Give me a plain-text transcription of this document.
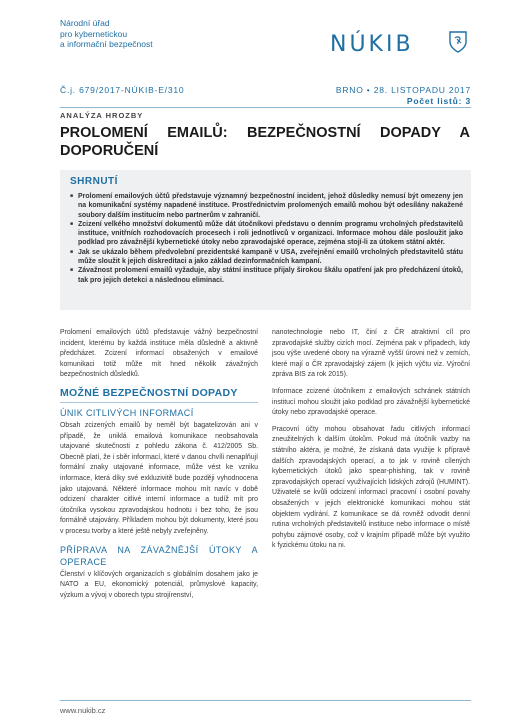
Národní úřad
pro kybernetickou
a informační bezpečnost	NÚKIB
Č.j. 679/2017-NÚKIB-E/310	BRNO • 28. LISTOPADU 2017
Počet listů: 3
ANALÝZA HROZBY
PROLOMENÍ EMAILŮ: BEZPEČNOSTNÍ DOPADY A
DOPORUČENÍ
SHRNUTÍ
■ Prolomení emailových účtů představuje významný bezpečnostní incident, jehož důsledky nemusí být omezeny jen na komunikační systémy napadené instituce. Prostřednictvím prolomených emailů mohou být odesílány nakažené soubory dalším institucím nebo partnerům v zahraničí.
■ Zcizení velkého množství dokumentů může dát útočníkovi představu o denním programu vrcholných představitelů instituce, vnitřních rozhodovacích procesech i roli jednotlivců v organizaci. Informace mohou dále posloužit jako podklad pro závažnější kybernetické útoky nebo zpravodajské operace, zejména stojí-li za útokem státní aktér.
■ Jak se ukázalo během předvolební prezidentské kampaně v USA, zveřejnění emailů vrcholných představitelů státu může sloužit k jejich diskreditaci a jako základ dezinformačních kampaní.
■ Závažnost prolomení emailů vyžaduje, aby státní instituce přijaly širokou škálu opatření jak pro předcházení útoků, tak pro jejich detekci a následnou eliminaci.

Prolomení emailových účtů představuje vážný bezpečnostní incident, kterému by každá instituce měla důsledně a aktivně předcházet. Zcizení informací obsažených v emailové komunikaci totiž může mít hned několik závažných bezpečnostních důsledků.

MOŽNÉ BEZPEČNOSTNÍ DOPADY
ÚNIK CITLIVÝCH INFORMACÍ

Obsah zcizených emailů by neměl být bagatelizován ani v případě, že uniklá emailová komunikace neobsahovala utajované skutečnosti z pohledu zákona č. 412/2005 Sb. Obecně platí, že i sběr informací, které v danou chvíli nenaplňují formální znaky utajované informace, může vést ke vzniku informace, která díky své exkluzivitě bude později vyhodnocena jako utajovaná. Některé informace mohou mít navíc v době odcizení charakter citlivé interní informace a tudíž mít pro útočníka vysokou zpravodajskou hodnotu i bez toho, že jsou formálně utajovány. Příkladem mohou být dokumenty, které jsou v procesu tvorby a které ještě nebyly zveřejněny.

PŘÍPRAVA NA ZÁVAŽNĚJŠÍ ÚTOKY A OPERACE

Členství v klíčových organizacích s globálním dosahem jako je NATO a EU, ekonomický potenciál, průmyslové kapacity, výzkum a vývoj v oborech typu strojírenství,

nanotechnologie nebo IT, činí z ČR atraktivní cíl pro zpravodajské služby cizích mocí. Zejména pak v případech, kdy jsou výše uvedené obory na výrazně vyšší úrovni než v zemích, které mají o ČR zpravodajský zájem (k jejich výčtu viz. Výroční zpráva BIS za rok 2015).

Informace zcizené útočníkem z emailových schránek státních institucí mohou sloužit jako podklad pro závažnější kybernetické útoky nebo zpravodajské operace.

Pracovní účty mohou obsahovat řadu citlivých informací zneužitelných k dalším útokům. Pokud má útočník vazby na státního aktéra, je možné, že získaná data využije k přípravě dalších zpravodajských operací, a to jak v rovině cílených kybernetických útoků jako spear-phishing, tak v rovině zpravodajských operací využívajících lidských zdrojů (HUMINT). Uživatelé se kvůli odcizení informací pracovní i osobní povahy obsažených v jejich elektronické komunikaci mohou stát objektem vydírání. Z komunikace se dá rovněž odvodit denní rutina vrcholných představitelů instituce nebo informace o místě pohybu zájmové osoby, což v krajním případě může být využito k fyzickému útoku na ni.

www.nukib.cz
